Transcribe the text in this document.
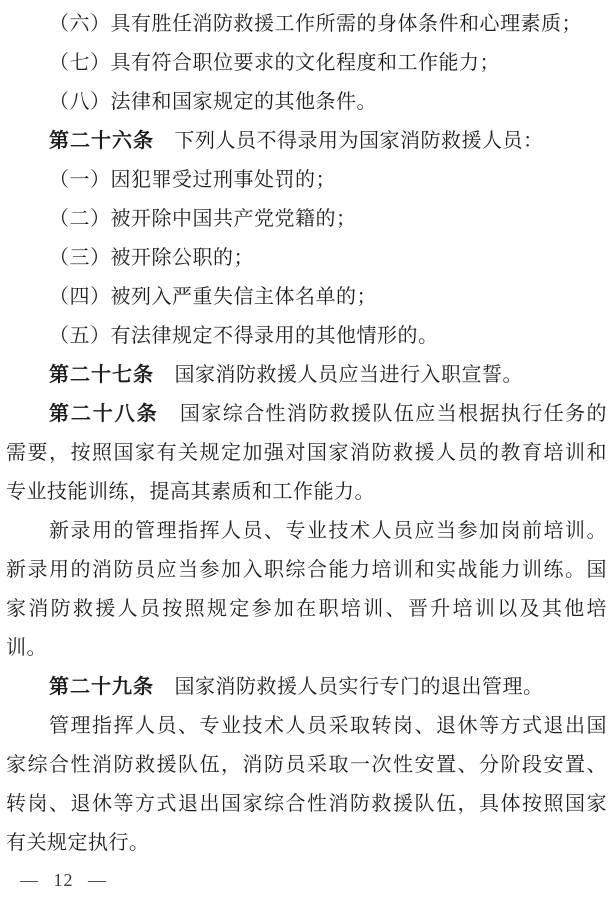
（六）具有胜任消防救援工作所需的身体条件和心理素质；
（七）具有符合职位要求的文化程度和工作能力；
（八）法律和国家规定的其他条件。
第二十六条　下列人员不得录用为国家消防救援人员：
（一）因犯罪受过刑事处罚的；
（二）被开除中国共产党党籍的；
（三）被开除公职的；
（四）被列入严重失信主体名单的；
（五）有法律规定不得录用的其他情形的。
第二十七条　国家消防救援人员应当进行入职宣誓。
第二十八条　国家综合性消防救援队伍应当根据执行任务的
需要，按照国家有关规定加强对国家消防救援人员的教育培训和
专业技能训练，提高其素质和工作能力。
新录用的管理指挥人员、专业技术人员应当参加岗前培训。
新录用的消防员应当参加入职综合能力培训和实战能力训练。国
家消防救援人员按照规定参加在职培训、晋升培训以及其他培
训。
第二十九条　国家消防救援人员实行专门的退出管理。
管理指挥人员、专业技术人员采取转岗、退休等方式退出国
家综合性消防救援队伍，消防员采取一次性安置、分阶段安置、
转岗、退休等方式退出国家综合性消防救援队伍，具体按照国家
有关规定执行。
— 12 —
